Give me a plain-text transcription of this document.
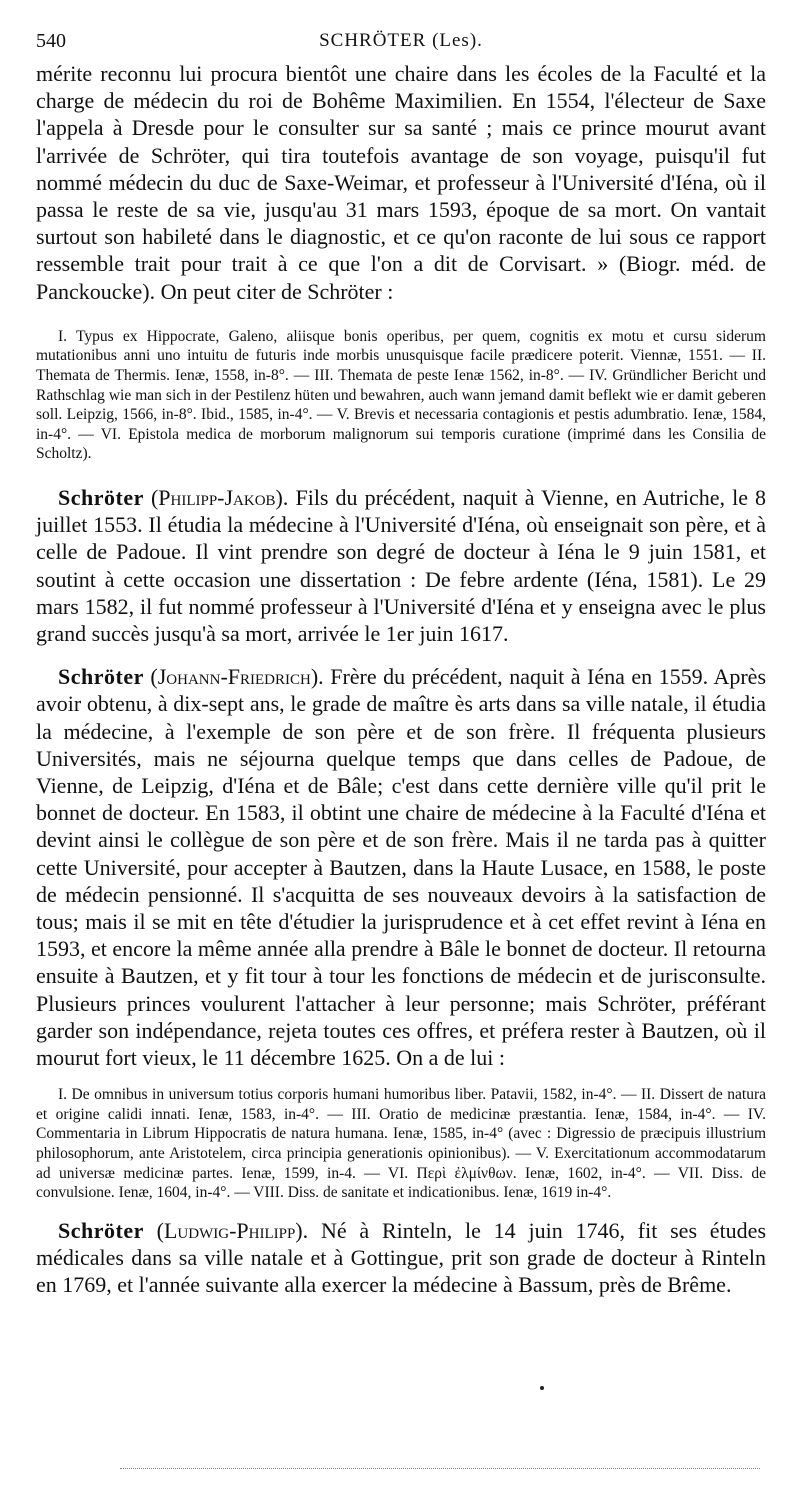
540	SCHRÖTER (Les).

mérite reconnu lui procura bientôt une chaire dans les écoles de la Faculté et la charge de médecin du roi de Bohême Maximilien. En 1554, l'électeur de Saxe l'appela à Dresde pour le consulter sur sa santé ; mais ce prince mourut avant l'arrivée de Schröter, qui tira toutefois avantage de son voyage, puisqu'il fut nommé médecin du duc de Saxe-Weimar, et professeur à l'Université d'Iéna, où il passa le reste de sa vie, jusqu'au 31 mars 1593, époque de sa mort. On vantait surtout son habileté dans le diagnostic, et ce qu'on raconte de lui sous ce rapport ressemble trait pour trait à ce que l'on a dit de Corvisart. » (Biogr. méd. de Panckoucke). On peut citer de Schröter :

I. Typus ex Hippocrate, Galeno, aliisque bonis operibus, per quem, cognitis ex motu et cursu siderum mutationibus anni uno intuitu de futuris inde morbis unusquisque facile prædicere poterit. Viennæ, 1551. — II. Themata de Thermis. Ienæ, 1558, in-8°. — III. Themata de peste Ienæ 1562, in-8°. — IV. Gründlicher Bericht und Rathschlag wie man sich in der Pestilenz hüten und bewahren, auch wann jemand damit beflekt wie er damit geberen soll. Leipzig, 1566, in-8°. Ibid., 1585, in-4°. — V. Brevis et necessaria contagionis et pestis adumbratio. Ienæ, 1584, in-4°. — VI. Epistola medica de morborum malignorum sui temporis curatione (imprimé dans les Consilia de Scholtz).

Schröter (Philipp-Jakob). Fils du précédent, naquit à Vienne, en Autriche, le 8 juillet 1553. Il étudia la médecine à l'Université d'Iéna, où enseignait son père, et à celle de Padoue. Il vint prendre son degré de docteur à Iéna le 9 juin 1581, et soutint à cette occasion une dissertation : De febre ardente (Iéna, 1581). Le 29 mars 1582, il fut nommé professeur à l'Université d'Iéna et y enseigna avec le plus grand succès jusqu'à sa mort, arrivée le 1er juin 1617.

Schröter (Johann-Friedrich). Frère du précédent, naquit à Iéna en 1559. Après avoir obtenu, à dix-sept ans, le grade de maître ès arts dans sa ville natale, il étudia la médecine, à l'exemple de son père et de son frère. Il fréquenta plusieurs Universités, mais ne séjourna quelque temps que dans celles de Padoue, de Vienne, de Leipzig, d'Iéna et de Bâle; c'est dans cette dernière ville qu'il prit le bonnet de docteur. En 1583, il obtint une chaire de médecine à la Faculté d'Iéna et devint ainsi le collègue de son père et de son frère. Mais il ne tarda pas à quitter cette Université, pour accepter à Bautzen, dans la Haute Lusace, en 1588, le poste de médecin pensionné. Il s'acquitta de ses nouveaux devoirs à la satisfaction de tous; mais il se mit en tête d'étudier la jurisprudence et à cet effet revint à Iéna en 1593, et encore la même année alla prendre à Bâle le bonnet de docteur. Il retourna ensuite à Bautzen, et y fit tour à tour les fonctions de médecin et de jurisconsulte. Plusieurs princes voulurent l'attacher à leur personne; mais Schröter, préférant garder son indépendance, rejeta toutes ces offres, et préfera rester à Bautzen, où il mourut fort vieux, le 11 décembre 1625. On a de lui :

I. De omnibus in universum totius corporis humani humoribus liber. Patavii, 1582, in-4°. — II. Dissert de natura et origine calidi innati. Ienæ, 1583, in-4°. — III. Oratio de medicinæ præstantia. Ienæ, 1584, in-4°. — IV. Commentaria in Librum Hippocratis de natura humana. Ienæ, 1585, in-4° (avec : Digressio de præcipuis illustrium philosophorum, ante Aristotelem, circa principia generationis opinionibus). — V. Exercitationum accommodatarum ad universæ medicinæ partes. Ienæ, 1599, in-4. — VI. Περὶ ἐλμίνθων. Ienæ, 1602, in-4°. — VII. Diss. de convulsione. Ienæ, 1604, in-4°. — VIII. Diss. de sanitate et indicationibus. Ienæ, 1619 in-4°.

Schröter (Ludwig-Philipp). Né à Rinteln, le 14 juin 1746, fit ses études médicales dans sa ville natale et à Gottingue, prit son grade de docteur à Rinteln en 1769, et l'année suivante alla exercer la médecine à Bassum, près de Brême.
